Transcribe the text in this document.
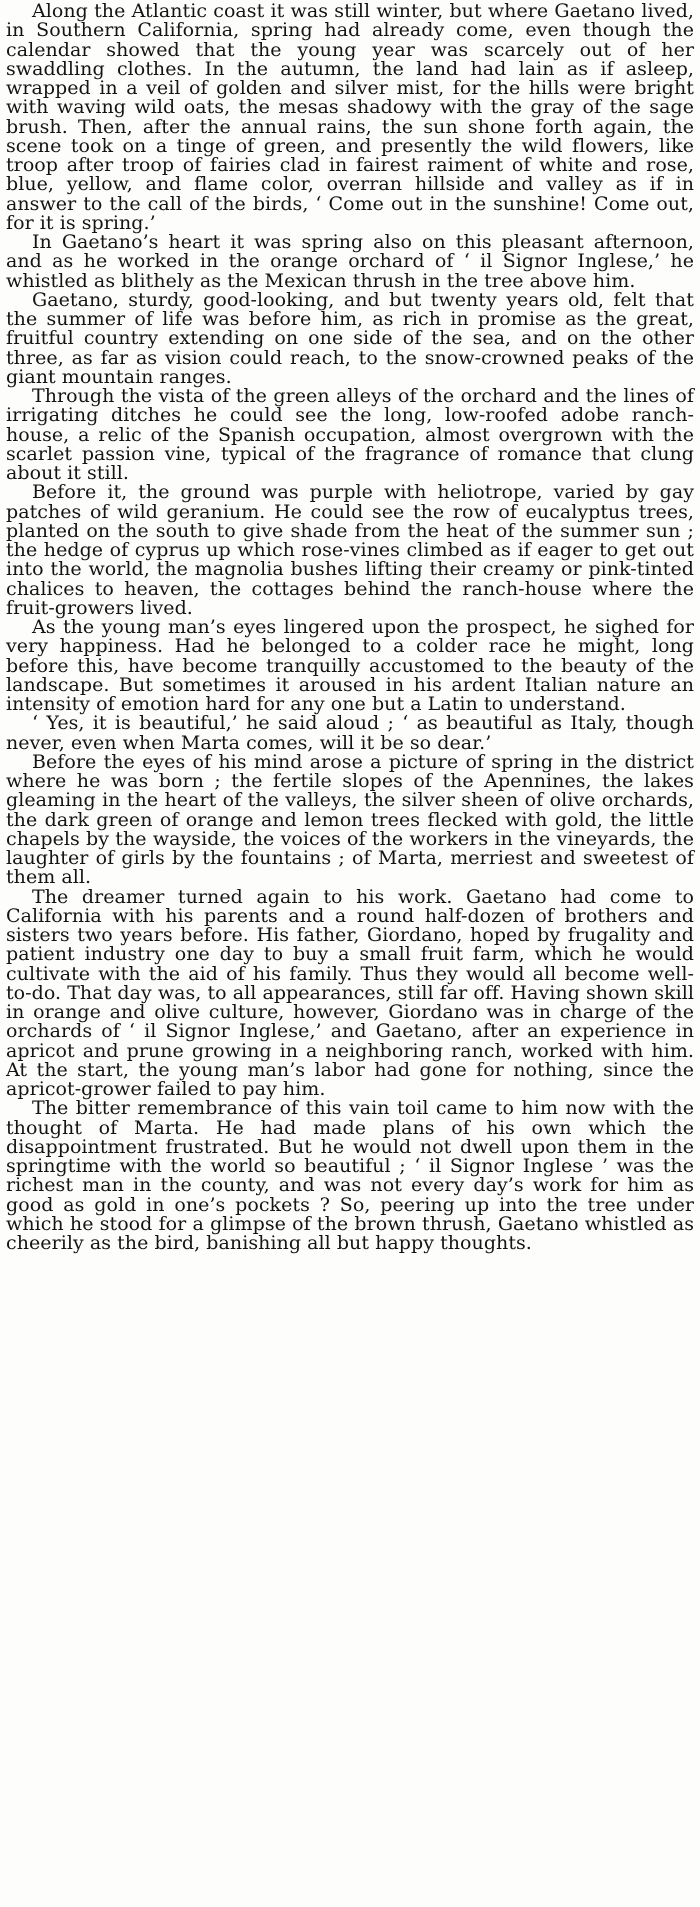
Along the Atlantic coast it was still winter, but where Gaetano lived, in Southern California, spring had already come, even though the calendar showed that the young year was scarcely out of her swaddling clothes. In the autumn, the land had lain as if asleep, wrapped in a veil of golden and silver mist, for the hills were bright with waving wild oats, the mesas shadowy with the gray of the sage brush. Then, after the annual rains, the sun shone forth again, the scene took on a tinge of green, and presently the wild flowers, like troop after troop of fairies clad in fairest raiment of white and rose, blue, yellow, and flame color, overran hillside and valley as if in answer to the call of the birds, ‘ Come out in the sunshine! Come out, for it is spring.’

In Gaetano’s heart it was spring also on this pleasant afternoon, and as he worked in the orange orchard of ‘ il Signor Inglese,’ he whistled as blithely as the Mexican thrush in the tree above him.

Gaetano, sturdy, good-looking, and but twenty years old, felt that the summer of life was before him, as rich in promise as the great, fruitful country extending on one side of the sea, and on the other three, as far as vision could reach, to the snow-crowned peaks of the giant mountain ranges.

Through the vista of the green alleys of the orchard and the lines of irrigating ditches he could see the long, low-roofed adobe ranch-house, a relic of the Spanish occupation, almost overgrown with the scarlet passion vine, typical of the fragrance of romance that clung about it still.

Before it, the ground was purple with heliotrope, varied by gay patches of wild geranium. He could see the row of eucalyptus trees, planted on the south to give shade from the heat of the summer sun ; the hedge of cyprus up which rose-vines climbed as if eager to get out into the world, the magnolia bushes lifting their creamy or pink-tinted chalices to heaven, the cottages behind the ranch-house where the fruit-growers lived.

As the young man’s eyes lingered upon the prospect, he sighed for very happiness. Had he belonged to a colder race he might, long before this, have become tranquilly accustomed to the beauty of the landscape. But sometimes it aroused in his ardent Italian nature an intensity of emotion hard for any one but a Latin to understand.

‘ Yes, it is beautiful,’ he said aloud ; ‘ as beautiful as Italy, though never, even when Marta comes, will it be so dear.’

Before the eyes of his mind arose a picture of spring in the district where he was born ; the fertile slopes of the Apennines, the lakes gleaming in the heart of the valleys, the silver sheen of olive orchards, the dark green of orange and lemon trees flecked with gold, the little chapels by the wayside, the voices of the workers in the vineyards, the laughter of girls by the fountains ; of Marta, merriest and sweetest of them all.

The dreamer turned again to his work. Gaetano had come to California with his parents and a round half-dozen of brothers and sisters two years before. His father, Giordano, hoped by frugality and patient industry one day to buy a small fruit farm, which he would cultivate with the aid of his family. Thus they would all become well-to-do. That day was, to all appearances, still far off. Having shown skill in orange and olive culture, however, Giordano was in charge of the orchards of ‘ il Signor Inglese,’ and Gaetano, after an experience in apricot and prune growing in a neighboring ranch, worked with him. At the start, the young man’s labor had gone for nothing, since the apricot-grower failed to pay him.

The bitter remembrance of this vain toil came to him now with the thought of Marta. He had made plans of his own which the disappointment frustrated. But he would not dwell upon them in the springtime with the world so beautiful ; ‘ il Signor Inglese ’ was the richest man in the county, and was not every day’s work for him as good as gold in one’s pockets ? So, peering up into the tree under which he stood for a glimpse of the brown thrush, Gaetano whistled as cheerily as the bird, banishing all but happy thoughts.
